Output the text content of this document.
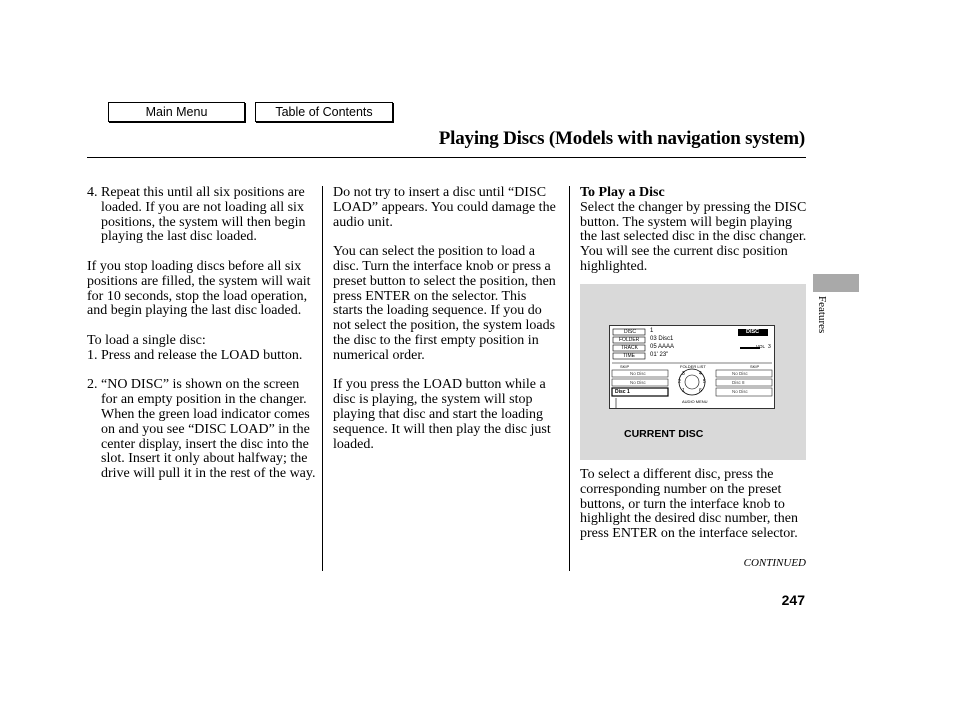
Main Menu	Table of Contents
Playing Discs (Models with navigation system)
Features
4. Repeat this until all six positions are loaded. If you are not loading all six positions, the system will then begin playing the last disc loaded.

If you stop loading discs before all six positions are filled, the system will wait for 10 seconds, stop the load operation, and begin playing the last disc loaded.

To load a single disc:

1. Press and release the LOAD button.
2. “NO DISC” is shown on the screen for an empty position in the changer. When the green load indicator comes on and you see “DISC LOAD” in the center display, insert the disc into the slot. Insert it only about halfway; the drive will pull it in the rest of the way.

Do not try to insert a disc until “DISC LOAD” appears. You could damage the audio unit.

You can select the position to load a disc. Turn the interface knob or press a preset button to select the position, then press ENTER on the selector. This starts the loading sequence. If you do not select the position, the system loads the disc to the first empty position in numerical order.

If you press the LOAD button while a disc is playing, the system will stop playing that disc and start the loading sequence. It will then play the disc just loaded.

To Play a Disc

Select the changer by pressing the DISC button. The system will begin playing the last selected disc in the disc changer. You will see the current disc position highlighted.

DISC 1
FOLDER 03 Disc1
TRACK 05 AAAA
TIME	01' 23"
DISC
VOL 3
SKIP	FOLDER LIST	SKIP
No Disc
No Disc
Disc 1
No Disc
Disc 8
No Disc
3	4
2	5
1	6
AUDIO MENU
CURRENT DISC

To select a different disc, press the corresponding number on the preset buttons, or turn the interface knob to highlight the desired disc number, then press ENTER on the interface selector.

CONTINUED
247
